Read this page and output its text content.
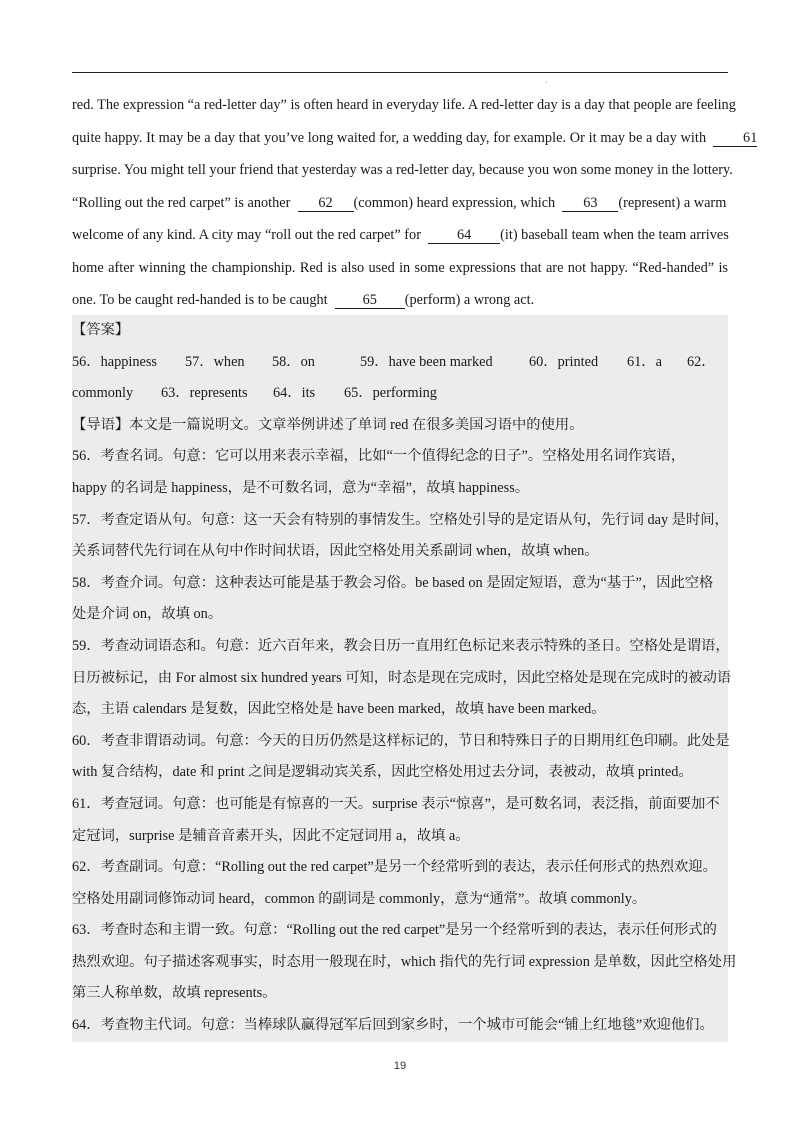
·
red. The expression “a red-letter day” is often heard in everyday life. A red-letter day is a day that people are feeling
quite happy. It may be a day that you’ve long waited for, a wedding day, for example. Or it may be a day with	61
surprise. You might tell your friend that yesterday was a red-letter day, because you won some money in the lottery.
“Rolling out the red carpet” is another 62 (common) heard expression, which 63 (represent) a warm
welcome of any kind. A city may “roll out the red carpet” for	64 (it) baseball team when the team arrives
home after winning the championship. Red is also used in some expressions that are not happy. “Red-handed” is
one. To be caught red-handed is to be caught 65 (perform) a wrong act.
【答案】
56．happiness 57．when 58．on	59．have been marked	60．printed 61．a 62．
commonly 63．represents 64．its 65．performing
【导语】本文是一篇说明文。文章举例讲述了单词 red 在很多美国习语中的使用。
56．考查名词。句意：它可以用来表示幸福，比如“一个值得纪念的日子”。空格处用名词作宾语，
happy 的名词是 happiness，是不可数名词，意为“幸福”，故填 happiness。
57．考查定语从句。句意：这一天会有特别的事情发生。空格处引导的是定语从句，先行词 day 是时间，
关系词替代先行词在从句中作时间状语，因此空格处用关系副词 when，故填 when。
58．考查介词。句意：这种表达可能是基于教会习俗。be based on 是固定短语，意为“基于”，因此空格
处是介词 on，故填 on。
59．考查动词语态和。句意：近六百年来，教会日历一直用红色标记来表示特殊的圣日。空格处是谓语，
日历被标记，由 For almost six hundred years 可知，时态是现在完成时，因此空格处是现在完成时的被动语
态，主语 calendars 是复数，因此空格处是 have been marked，故填 have been marked。
60．考查非谓语动词。句意：今天的日历仍然是这样标记的，节日和特殊日子的日期用红色印刷。此处是
with 复合结构，date 和 print 之间是逻辑动宾关系，因此空格处用过去分词，表被动，故填 printed。
61．考查冠词。句意：也可能是有惊喜的一天。surprise 表示“惊喜”，是可数名词，表泛指，前面要加不
定冠词，surprise 是辅音音素开头，因此不定冠词用 a，故填 a。
62．考查副词。句意：“Rolling out the red carpet”是另一个经常听到的表达，表示任何形式的热烈欢迎。
空格处用副词修饰动词 heard，common 的副词是 commonly，意为“通常”。故填 commonly。
63．考查时态和主谓一致。句意：“Rolling out the red carpet”是另一个经常听到的表达，表示任何形式的
热烈欢迎。句子描述客观事实，时态用一般现在时，which 指代的先行词 expression 是单数，因此空格处用
第三人称单数，故填 represents。
64．考查物主代词。句意：当棒球队赢得冠军后回到家乡时，一个城市可能会“铺上红地毯”欢迎他们。
19
